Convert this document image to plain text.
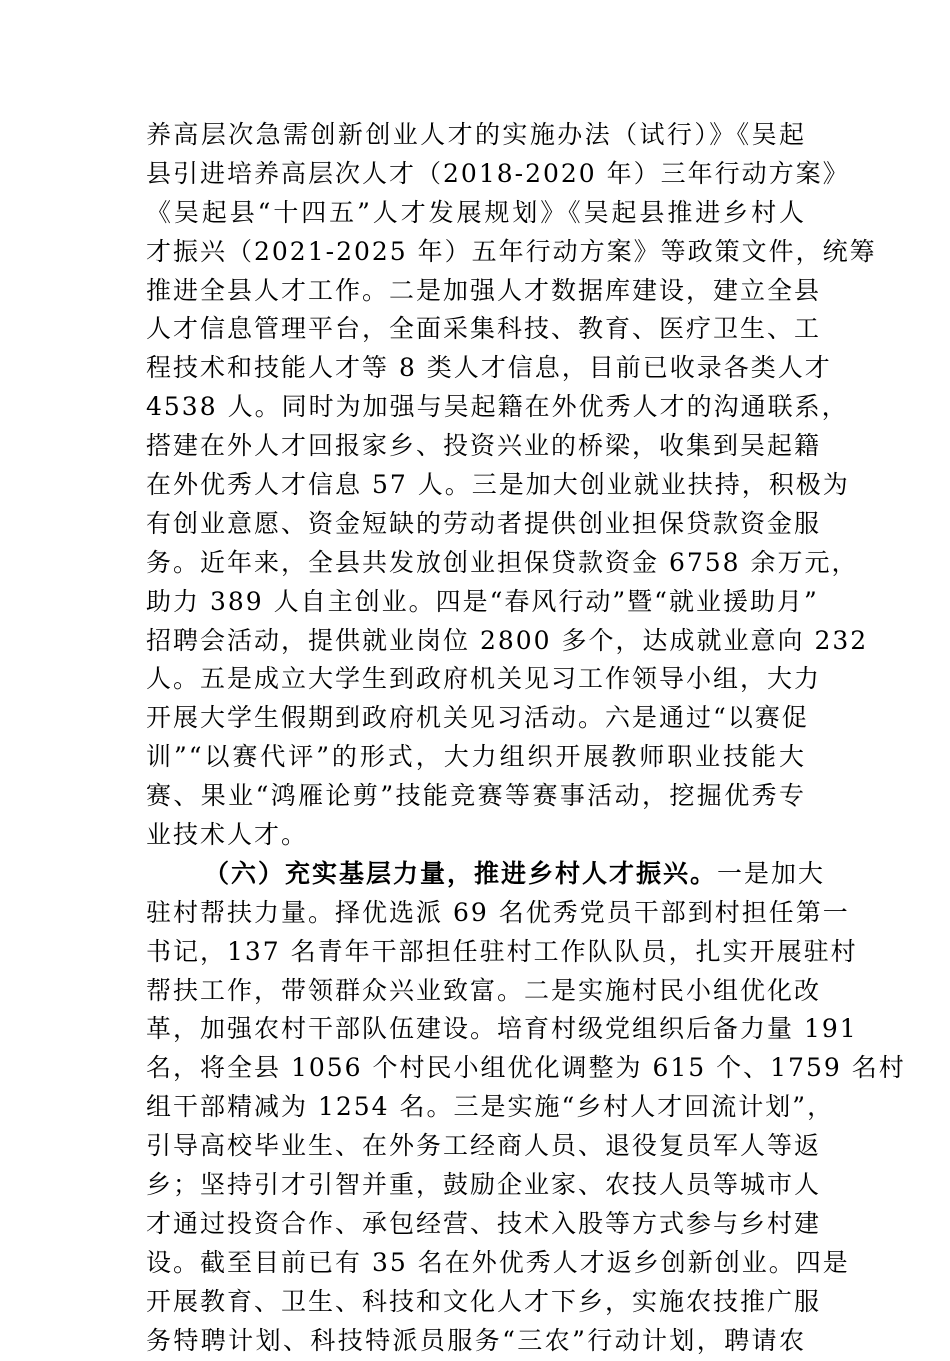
养高层次急需创新创业人才的实施办法（试行）》《吴起
县引进培养高层次人才（2018-2020 年）三年行动方案》
《吴起县“十四五”人才发展规划》《吴起县推进乡村人
才振兴（2021-2025 年）五年行动方案》等政策文件，统筹
推进全县人才工作。二是加强人才数据库建设，建立全县
人才信息管理平台，全面采集科技、教育、医疗卫生、工
程技术和技能人才等 8 类人才信息，目前已收录各类人才
4538 人。同时为加强与吴起籍在外优秀人才的沟通联系，
搭建在外人才回报家乡、投资兴业的桥梁，收集到吴起籍
在外优秀人才信息 57 人。三是加大创业就业扶持，积极为
有创业意愿、资金短缺的劳动者提供创业担保贷款资金服
务。近年来，全县共发放创业担保贷款资金 6758 余万元，
助力 389 人自主创业。四是“春风行动”暨“就业援助月”
招聘会活动，提供就业岗位 2800 多个，达成就业意向 232
人。五是成立大学生到政府机关见习工作领导小组，大力
开展大学生假期到政府机关见习活动。六是通过“以赛促
训”“以赛代评”的形式，大力组织开展教师职业技能大
赛、果业“鸿雁论剪”技能竞赛等赛事活动，挖掘优秀专
业技术人才。
（六）充实基层力量，推进乡村人才振兴。一是加大
驻村帮扶力量。择优选派 69 名优秀党员干部到村担任第一
书记，137 名青年干部担任驻村工作队队员，扎实开展驻村
帮扶工作，带领群众兴业致富。二是实施村民小组优化改
革，加强农村干部队伍建设。培育村级党组织后备力量 191
名，将全县 1056 个村民小组优化调整为 615 个、1759 名村
组干部精减为 1254 名。三是实施“乡村人才回流计划”，
引导高校毕业生、在外务工经商人员、退役复员军人等返
乡；坚持引才引智并重，鼓励企业家、农技人员等城市人
才通过投资合作、承包经营、技术入股等方式参与乡村建
设。截至目前已有 35 名在外优秀人才返乡创新创业。四是
开展教育、卫生、科技和文化人才下乡，实施农技推广服
务特聘计划、科技特派员服务“三农”行动计划，聘请农
